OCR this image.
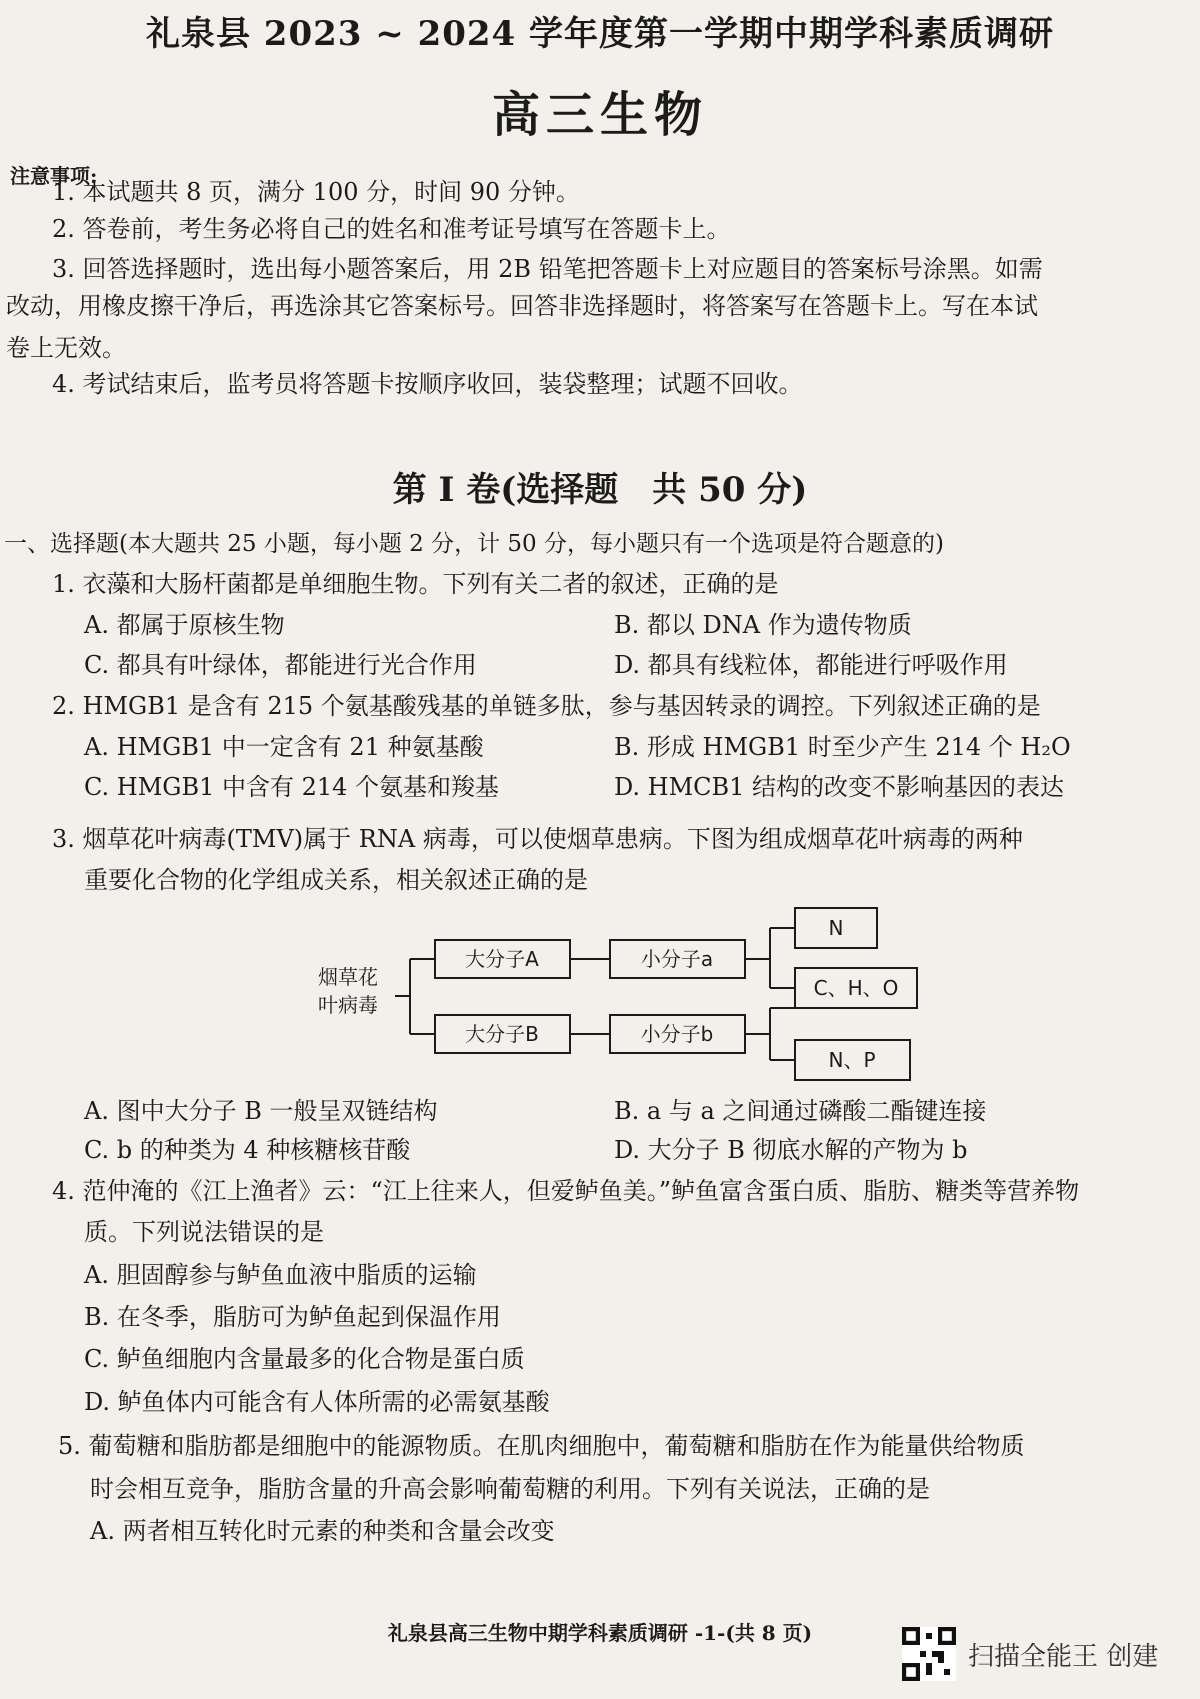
礼泉县 2023 ~ 2024 学年度第一学期中期学科素质调研
高三生物
注意事项:
1. 本试题共 8 页，满分 100 分，时间 90 分钟。
2. 答卷前，考生务必将自己的姓名和准考证号填写在答题卡上。
3. 回答选择题时，选出每小题答案后，用 2B 铅笔把答题卡上对应题目的答案标号涂黑。如需
改动，用橡皮擦干净后，再选涂其它答案标号。回答非选择题时，将答案写在答题卡上。写在本试
卷上无效。
4. 考试结束后，监考员将答题卡按顺序收回，装袋整理；试题不回收。
第 I 卷(选择题　共 50 分)
一、选择题(本大题共 25 小题，每小题 2 分，计 50 分，每小题只有一个选项是符合题意的)
1. 衣藻和大肠杆菌都是单细胞生物。下列有关二者的叙述，正确的是
A. 都属于原核生物	B. 都以 DNA 作为遗传物质
C. 都具有叶绿体，都能进行光合作用	D. 都具有线粒体，都能进行呼吸作用
2. HMGB1 是含有 215 个氨基酸残基的单链多肽，参与基因转录的调控。下列叙述正确的是
A. HMGB1 中一定含有 21 种氨基酸	B. 形成 HMGB1 时至少产生 214 个 H₂O
C. HMGB1 中含有 214 个氨基和羧基	D. HMCB1 结构的改变不影响基因的表达
3. 烟草花叶病毒(TMV)属于 RNA 病毒，可以使烟草患病。下图为组成烟草花叶病毒的两种
重要化合物的化学组成关系，相关叙述正确的是
烟草花
叶病毒
大分子A	小分子a
大分子B	小分子b
N
C、H、O
N、P
A. 图中大分子 B 一般呈双链结构	B. a 与 a 之间通过磷酸二酯键连接
C. b 的种类为 4 种核糖核苷酸	D. 大分子 B 彻底水解的产物为 b
4. 范仲淹的《江上渔者》云：“江上往来人，但爱鲈鱼美。”鲈鱼富含蛋白质、脂肪、糖类等营养物
质。下列说法错误的是
A. 胆固醇参与鲈鱼血液中脂质的运输
B. 在冬季，脂肪可为鲈鱼起到保温作用
C. 鲈鱼细胞内含量最多的化合物是蛋白质
D. 鲈鱼体内可能含有人体所需的必需氨基酸
5. 葡萄糖和脂肪都是细胞中的能源物质。在肌肉细胞中，葡萄糖和脂肪在作为能量供给物质
时会相互竞争，脂肪含量的升高会影响葡萄糖的利用。下列有关说法，正确的是
A. 两者相互转化时元素的种类和含量会改变
礼泉县高三生物中期学科素质调研 -1-(共 8 页)
扫描全能王 创建
